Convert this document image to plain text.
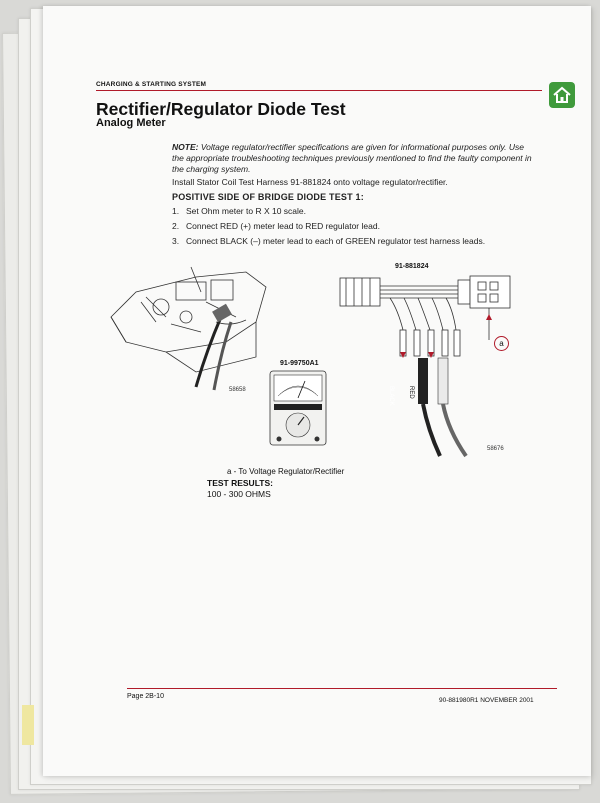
CHARGING & STARTING SYSTEM
Rectifier/Regulator Diode Test
Analog Meter
NOTE: Voltage regulator/rectifier specifications are given for informational purposes only. Use the appropriate troubleshooting techniques previously mentioned to find the faulty component in the charging system.
Install Stator Coil Test Harness 91-881824 onto voltage regulator/rectifier.
POSITIVE SIDE OF BRIDGE DIODE TEST 1:
1. Set Ohm meter to R X 10 scale.
2. Connect RED (+) meter lead to RED regulator lead.
3. Connect BLACK (–) meter lead to each of GREEN regulator test harness leads.
58658
91-99750A1
91-881824
a
BLACK	RED
58676
a - To Voltage Regulator/Rectifier
TEST RESULTS:
100 - 300 OHMS
Page 2B-10
90-881980R1 NOVEMBER 2001
